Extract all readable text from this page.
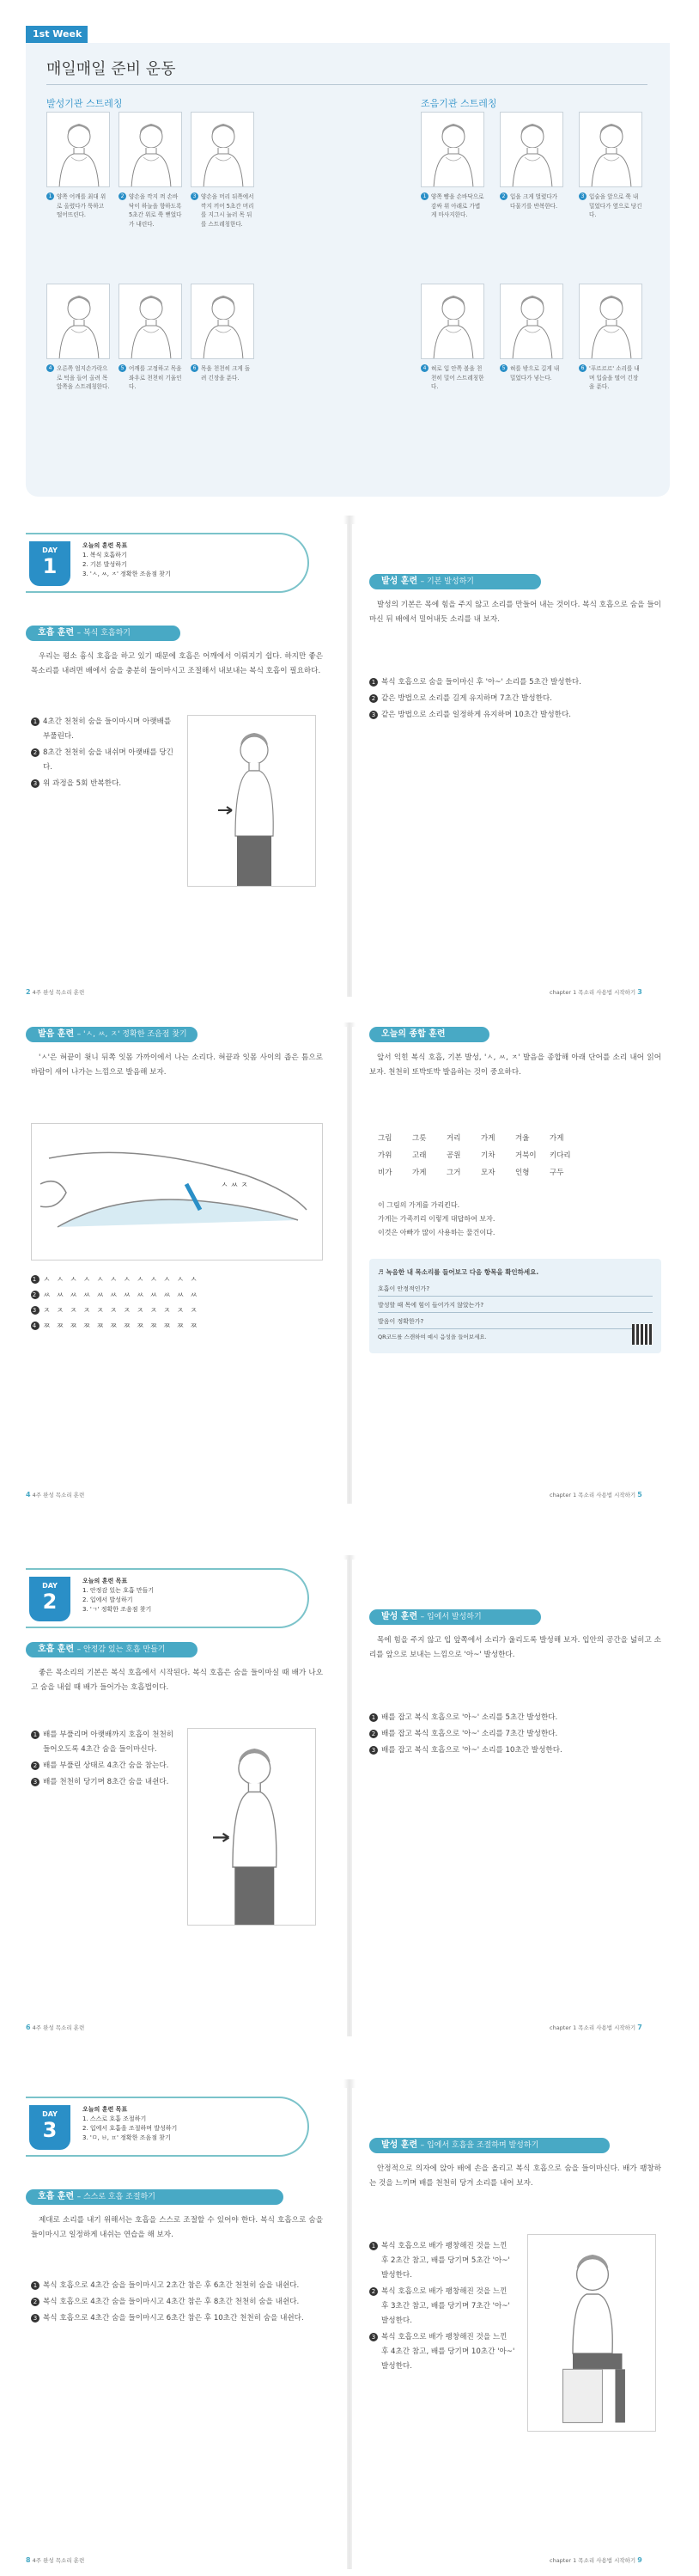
1st Week
매일매일 준비 운동
발성기관 스트레칭	조음기관 스트레칭
1 양쪽 어깨를 최대 위로 올렸다가 툭하고 떨어뜨린다.
2 양손을 깍지 껴 손바닥이 하늘을 향하도록 5초간 위로 쭉 뻗었다가 내린다.
3 양손을 머리 뒤쪽에서 깍지 끼어 5초간 머리를 지그시 눌러 목 뒤를 스트레칭한다.
4 오른쪽 엄지손가락으로 턱을 들어 올려 목 앞쪽을 스트레칭한다.
5 어깨를 고정하고 목을 좌우로 천천히 기울인다.
6 목을 천천히 크게 돌려 긴장을 푼다.
1 양쪽 뺨을 손바닥으로 감싸 위 아래로 가볍게 마사지한다.
2 입을 크게 벌렸다가 다물기를 반복한다.
3 입술을 앞으로 쭉 내밀었다가 옆으로 당긴다.
4 혀로 입 안쪽 볼을 천천히 밀어 스트레칭한다.
5 혀를 밖으로 길게 내밀었다가 넣는다.
6 '푸르르르' 소리를 내며 입술을 떨어 긴장을 푼다.
DAY
1
오늘의 훈련 목표
1. 복식 호흡하기
2. 기본 발성하기
3. 'ㅅ, ㅆ, ㅈ' 정확한 조음점 찾기
호흡 훈련 – 복식 호흡하기

우리는 평소 흉식 호흡을 하고 있기 때문에 호흡은 어깨에서 이뤄지기 쉽다. 하지만 좋은 목소리를 내려면 배에서 숨을 충분히 들이마시고 조절해서 내보내는 복식 호흡이 필요하다.

1 4초간 천천히 숨을 들이마시며 아랫배를 부풀린다.
2 8초간 천천히 숨을 내쉬며 아랫배를 당긴다.
3 위 과정을 5회 반복한다.
2 4주 완성 목소리 훈련
발성 훈련 – 기본 발성하기

발성의 기본은 목에 힘을 주지 않고 소리를 만들어 내는 것이다. 복식 호흡으로 숨을 들이마신 뒤 배에서 밀어내듯 소리를 내 보자.

1 복식 호흡으로 숨을 들이마신 후 '아~' 소리를 5초간 발성한다.
2 같은 방법으로 소리를 길게 유지하며 7초간 발성한다.
3 같은 방법으로 소리를 일정하게 유지하며 10초간 발성한다.
chapter 1 목소리 사용법 시작하기 3
발음 훈련 – 'ㅅ, ㅆ, ㅈ' 정확한 조음점 찾기

'ㅅ'은 혀끝이 윗니 뒤쪽 잇몸 가까이에서 나는 소리다. 혀끝과 잇몸 사이의 좁은 틈으로 바람이 새어 나가는 느낌으로 발음해 보자.

ㅅ ㅆ ㅈ
1 ㅅ ㅅ ㅅ ㅅ ㅅ ㅅ ㅅ ㅅ ㅅ ㅅ ㅅ ㅅ
2 ㅆ ㅆ ㅆ ㅆ ㅆ ㅆ ㅆ ㅆ ㅆ ㅆ ㅆ ㅆ
3 ㅈ ㅈ ㅈ ㅈ ㅈ ㅈ ㅈ ㅈ ㅈ ㅈ ㅈ ㅈ
4 ㅉ ㅉ ㅉ ㅉ ㅉ ㅉ ㅉ ㅉ ㅉ ㅉ ㅉ ㅉ
4 4주 완성 목소리 훈련
오늘의 종합 훈련

앞서 익힌 복식 호흡, 기본 발성, 'ㅅ, ㅆ, ㅈ' 발음을 종합해 아래 단어를 소리 내어 읽어 보자. 천천히 또박또박 발음하는 것이 중요하다.

그림	그릇	거리	가게	겨울	가게
가위	고래	공원	기차	거북이	키다리
비가	가게	그거	모자	인형	구두
이 그림의 가게를 가리킨다.
가게는 가족끼리 이렇게 대답하여 보자.
이것은 아빠가 많이 사용하는 물건이다.
♬ 녹음한 내 목소리를 들어보고 다음 항목을 확인하세요.
호흡이 안정적인가?
발성할 때 목에 힘이 들어가지 않았는가?
발음이 정확한가?
QR코드를 스캔하여 예시 음성을 들어보세요.
chapter 1 목소리 사용법 시작하기 5
DAY
2
오늘의 훈련 목표
1. 안정감 있는 호흡 만들기
2. 입에서 발성하기
3. 'ㄱ' 정확한 조음점 찾기
호흡 훈련 – 안정감 있는 호흡 만들기

좋은 목소리의 기본은 복식 호흡에서 시작된다. 복식 호흡은 숨을 들이마실 때 배가 나오고 숨을 내쉴 때 배가 들어가는 호흡법이다.

1 배를 부풀리며 아랫배까지 호흡이 천천히 들어오도록 4초간 숨을 들이마신다.
2 배를 부풀린 상태로 4초간 숨을 참는다.
3 배를 천천히 당기며 8초간 숨을 내쉰다.
6 4주 완성 목소리 훈련
발성 훈련 – 입에서 발성하기

목에 힘을 주지 않고 입 앞쪽에서 소리가 울리도록 발성해 보자. 입안의 공간을 넓히고 소리를 앞으로 보내는 느낌으로 '아~' 발성한다.

1 배를 잡고 복식 호흡으로 '아~' 소리를 5초간 발성한다.
2 배를 잡고 복식 호흡으로 '아~' 소리를 7초간 발성한다.
3 배를 잡고 복식 호흡으로 '아~' 소리를 10초간 발성한다.
chapter 1 목소리 사용법 시작하기 7
DAY
3
오늘의 훈련 목표
1. 스스로 호흡 조절하기
2. 입에서 호흡을 조절하며 발성하기
3. 'ㅁ, ㅂ, ㅍ' 정확한 조음점 찾기
호흡 훈련 – 스스로 호흡 조절하기

제대로 소리를 내기 위해서는 호흡을 스스로 조절할 수 있어야 한다. 복식 호흡으로 숨을 들이마시고 일정하게 내쉬는 연습을 해 보자.

1 복식 호흡으로 4초간 숨을 들이마시고 2초간 참은 후 6초간 천천히 숨을 내쉰다.
2 복식 호흡으로 4초간 숨을 들이마시고 4초간 참은 후 8초간 천천히 숨을 내쉰다.
3 복식 호흡으로 4초간 숨을 들이마시고 6초간 참은 후 10초간 천천히 숨을 내쉰다.
8 4주 완성 목소리 훈련
발성 훈련 – 입에서 호흡을 조절하며 발성하기

안정적으로 의자에 앉아 배에 손을 올리고 복식 호흡으로 숨을 들이마신다. 배가 팽창하는 것을 느끼며 배를 천천히 당겨 소리를 내어 보자.

1 복식 호흡으로 배가 팽창해진 것을 느낀 후 2초간 참고, 배를 당기며 5초간 '아~' 발성한다.
2 복식 호흡으로 배가 팽창해진 것을 느낀 후 3초간 참고, 배를 당기며 7초간 '아~' 발성한다.
3 복식 호흡으로 배가 팽창해진 것을 느낀 후 4초간 참고, 배를 당기며 10초간 '아~' 발성한다.
chapter 1 목소리 사용법 시작하기 9
